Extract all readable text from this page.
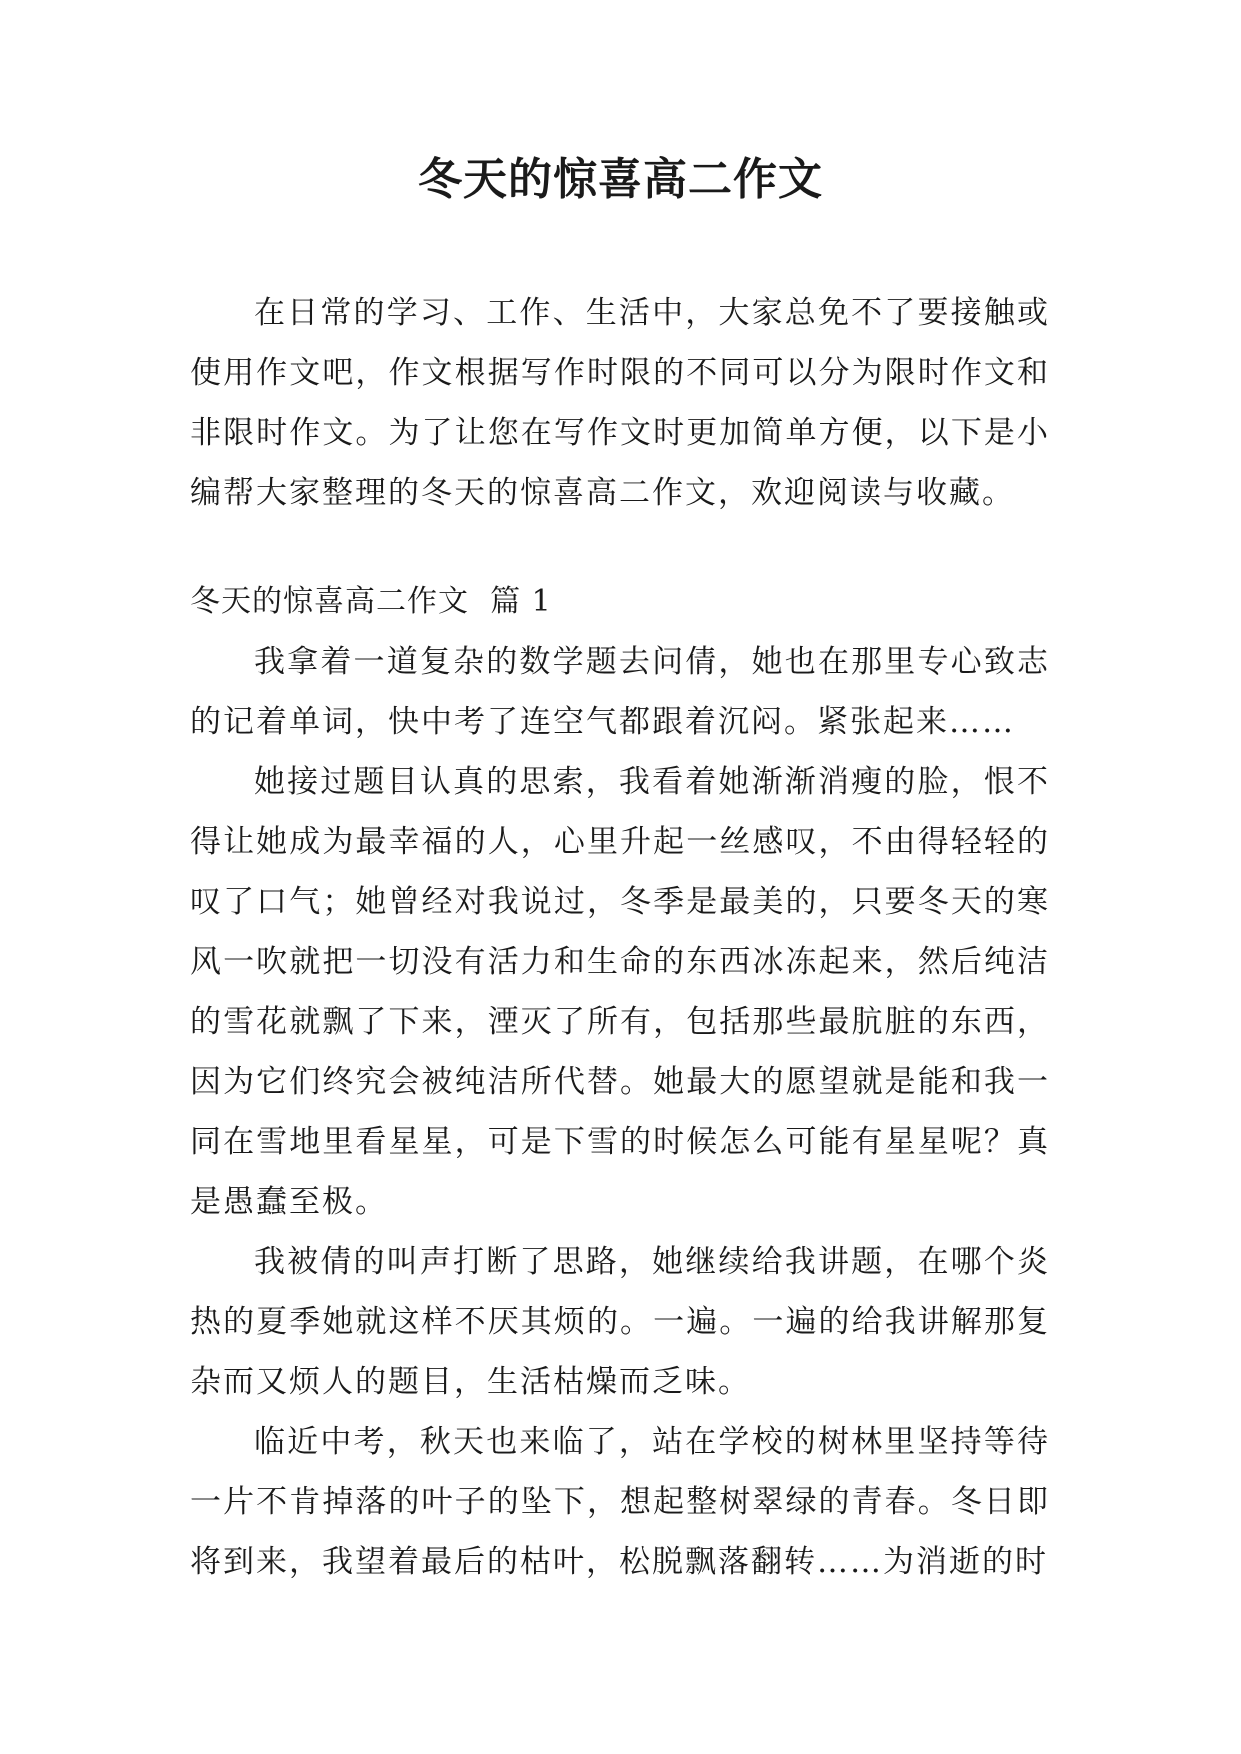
冬天的惊喜高二作文

在日常的学习、工作、生活中，大家总免不了要接触或使用作文吧，作文根据写作时限的不同可以分为限时作文和非限时作文。为了让您在写作文时更加简单方便，以下是小编帮大家整理的冬天的惊喜高二作文，欢迎阅读与收藏。

冬天的惊喜高二作文  篇 1

我拿着一道复杂的数学题去问倩，她也在那里专心致志的记着单词，快中考了连空气都跟着沉闷。紧张起来……

她接过题目认真的思索，我看着她渐渐消瘦的脸，恨不得让她成为最幸福的人，心里升起一丝感叹，不由得轻轻的叹了口气；她曾经对我说过，冬季是最美的，只要冬天的寒风一吹就把一切没有活力和生命的东西冰冻起来，然后纯洁的雪花就飘了下来，湮灭了所有，包括那些最肮脏的东西，因为它们终究会被纯洁所代替。她最大的愿望就是能和我一同在雪地里看星星，可是下雪的时候怎么可能有星星呢？真是愚蠢至极。

我被倩的叫声打断了思路，她继续给我讲题，在哪个炎热的夏季她就这样不厌其烦的。一遍。一遍的给我讲解那复杂而又烦人的题目，生活枯燥而乏味。

临近中考，秋天也来临了，站在学校的树林里坚持等待一片不肯掉落的叶子的坠下，想起整树翠绿的青春。冬日即将到来，我望着最后的枯叶，松脱飘落翻转……为消逝的时
